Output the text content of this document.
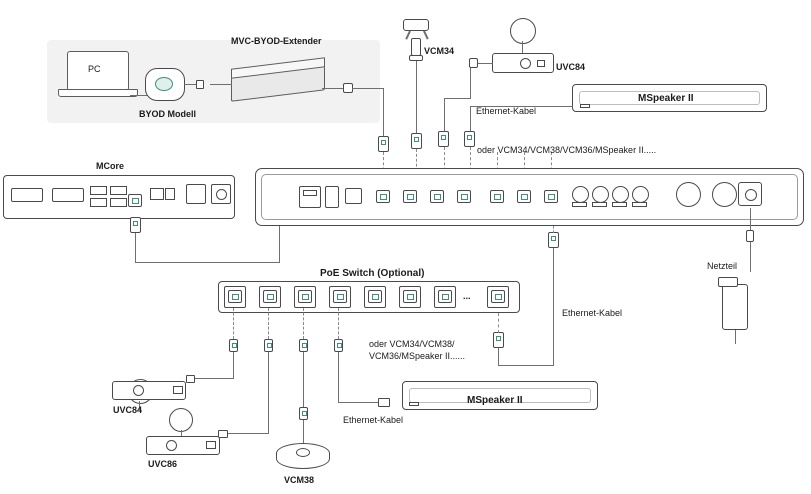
PC
MVC-BYOD-Extender
BYOD Modell
VCM34
UVC84
MSpeaker II
Ethernet-Kabel
oder VCM34/VCM38/VCM36/MSpeaker II.....
Netzteil
MCore
PoE Switch (Optional)
...
Ethernet-Kabel
oder VCM34/VCM38/
VCM36/MSpeaker II......
UVC84
UVC86
VCM38
MSpeaker II
Ethernet-Kabel
